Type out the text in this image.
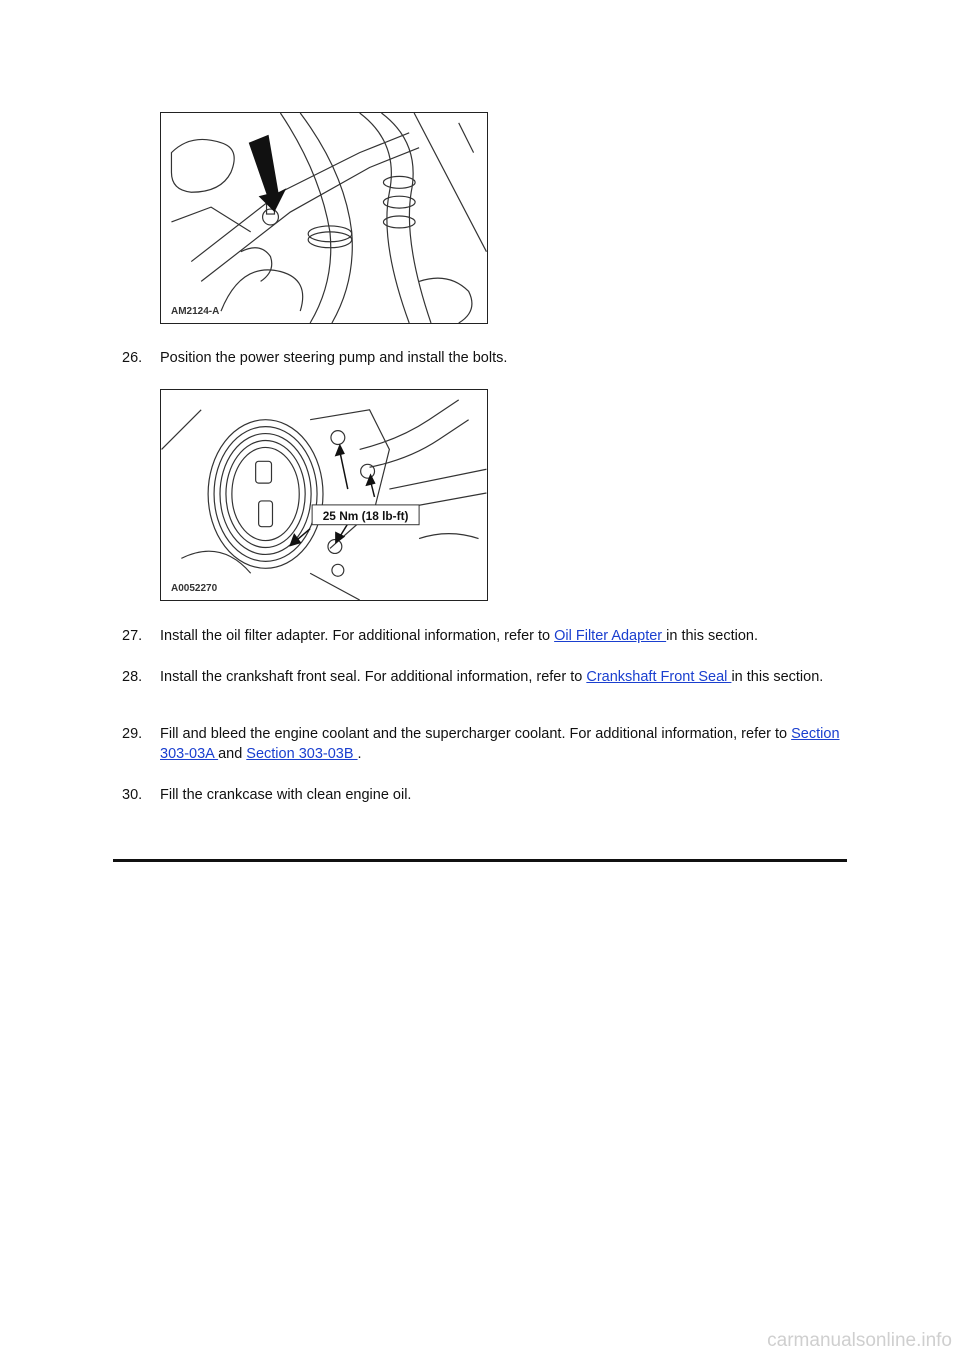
AM2124-A
26. Position the power steering pump and install the bolts.
25 Nm (18 lb-ft)
A0052270
27. Install the oil filter adapter. For additional information, refer to Oil Filter Adapter in this section.
28. Install the crankshaft front seal. For additional information, refer to Crankshaft Front Seal in this section.
29. Fill and bleed the engine coolant and the supercharger coolant. For additional information, refer to Section 303-03A and Section 303-03B .
30. Fill the crankcase with clean engine oil.
carmanualsonline.info
